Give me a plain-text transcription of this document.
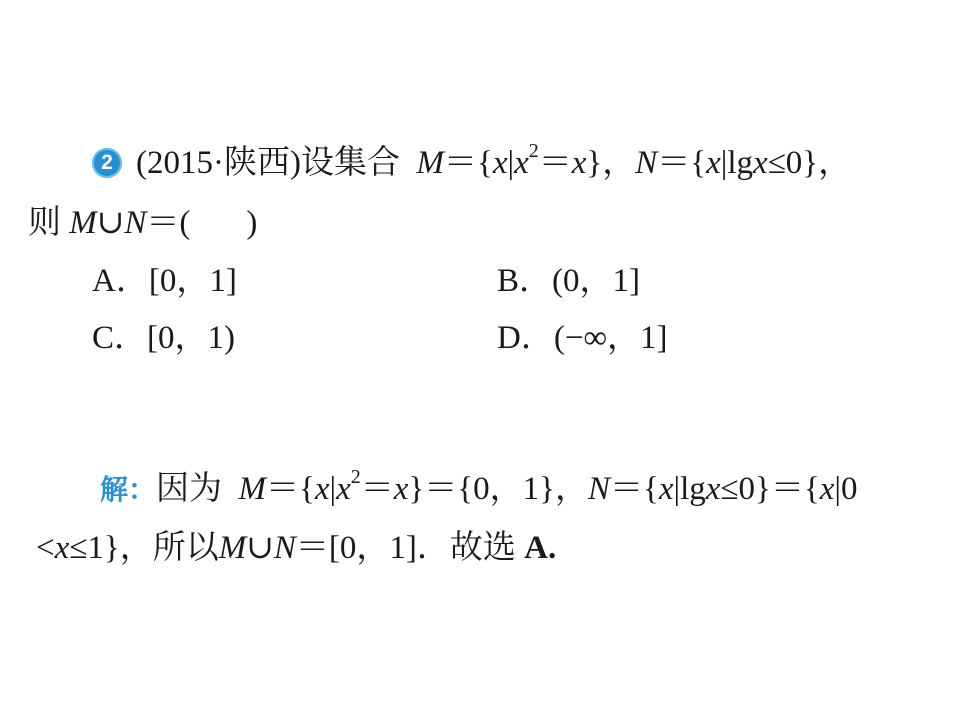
2 (2015·陕西)设集合 $M=\{x|x^2=x\}$，N＝{x|lgx≤0}，
则 M∪N＝( )
A．[0，1]	B．(0，1]
C．[0，1)	D．(−∞，1]
解：因为 $M=\{x|x^2=x\}=\{0$，1}，N＝{x|lgx≤0}＝{x|0
<x≤1}，所以M∪N＝[0，1]．故选 A.
